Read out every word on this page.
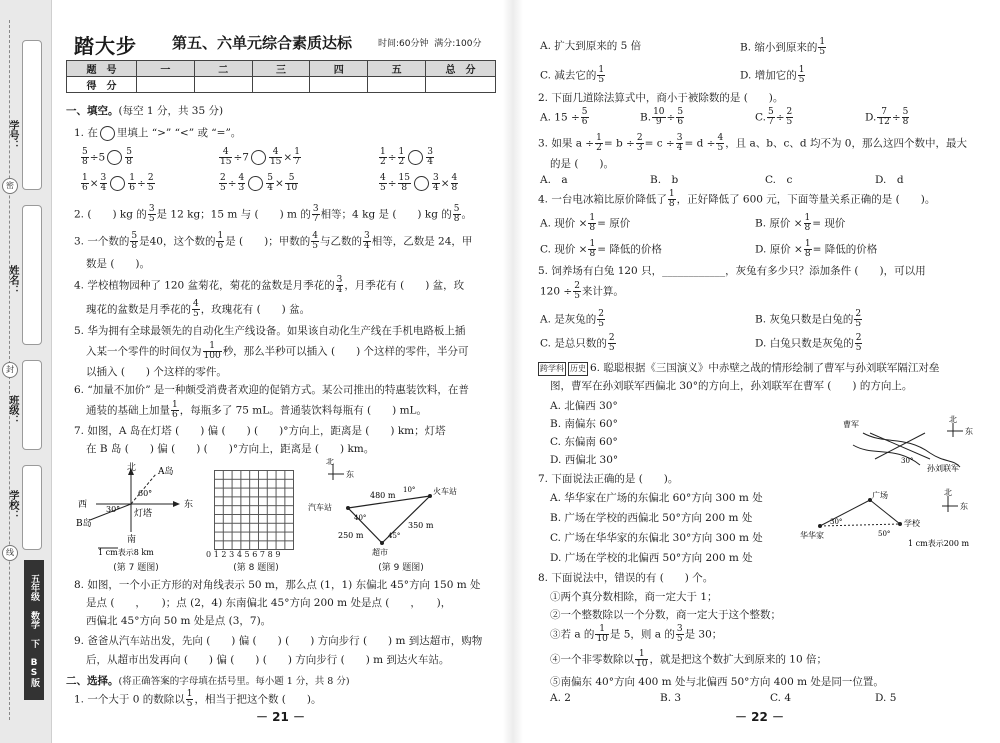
学号：
姓名：
班级：
学校：
密
封
线
五年级 数学 下 BS版
踏大步 第五、六单元综合素质达标	时间:60分钟 满分:100分
题　号	一	二	三	四	五	总　分
得　分						
一、填空。(每空 1 分，共 35 分)
1. 在 里填上 “>” “<” 或 “=”。
$\frac{5}{8} \div 5 \frac{5}{8}$	$\frac{4}{15} \div 7 \frac{4}{15} \times \frac{1}{7}$	$\frac{1}{2} \div \frac{1}{2} \frac{3}{4}$
$\frac{1}{6} \times \frac{3}{4} \frac{1}{6} \div \frac{2}{5}$	$\frac{2}{5} \div \frac{4}{3} \frac{5}{4} \times \frac{5}{10}$	$\frac{4}{5} \div \frac{15}{8} \frac{3}{4} \times \frac{4}{8}$
2. (　　) kg 的 $\frac{3}{5}$ 是 12 kg；15 m 与 (　　) m 的 $\frac{3}{7}$ 相等；4 kg 是 (　　) kg 的 $\frac{5}{8}$ 。
3. 一个数的 $\frac{5}{8}$ 是40，这个数的 $\frac{1}{6}$ 是 (　　)；甲数的 $\frac{4}{5}$ 与乙数的 $\frac{3}{4}$ 相等，乙数是 24，甲
数是 (　　)。
4. 学校植物园种了 120 盆菊花，菊花的盆数是月季花的 $\frac{3}{4}$ ，月季花有 (　　) 盆，玫
瑰花的盆数是月季花的 $\frac{4}{5}$ ，玫瑰花有 (　　) 盆。
5. 华为拥有全球最领先的自动化生产线设备。如果该自动化生产线在手机电路板上插
入某一个零件的时间仅为 $\frac{1}{100}$ 秒，那么半秒可以插入 (　　) 个这样的零件，半分可
以插入 (　　) 个这样的零件。
6. “加量不加价” 是一种颇受消费者欢迎的促销方式。某公司推出的特惠装饮料，在普
通装的基础上加量 $\frac{1}{6}$ ，每瓶多了 75 mL。普通装饮料每瓶有 (　　) mL。
7. 如图，A 岛在灯塔 (　　) 偏 (　　) (　　)°方向上，距离是 (　　) km；灯塔
在 B 岛 (　　) 偏 (　　) (　　)°方向上，距离是 (　　) km。
北
东
西
南
A岛
B岛
灯塔
60°
30°
1 cm表示8 km
(第 7 题图)
0123456789
(第 8 题图)
北
东
汽车站
火车站
超市
480 m
350 m
250 m
10°
40°
45°
(第 9 题图)
8. 如图，一个小正方形的对角线表示 50 m，那么点 (1，1) 东偏北 45°方向 150 m 处
是点 (　　，　　)；点 (2，4) 东南偏北 45°方向 200 m 处是点 (　　，　　)，
西偏北 45°方向 50 m 处是点 (3，7)。
9. 爸爸从汽车站出发，先向 (　　) 偏 (　　) (　　) 方向步行 (　　) m 到达超市，购物
后，从超市出发再向 (　　) 偏 (　　) (　　) 方向步行 (　　) m 到达火车站。
二、选择。(将正确答案的字母填在括号里。每小题 1 分，共 8 分)
1. 一个大于 0 的数除以 $\frac{1}{5}$ ，相当于把这个数 (　　)。
－ 21 －
A. 扩大到原来的 5 倍	B. 缩小到原来的 $\frac{1}{5}$
C. 减去它的 $\frac{1}{5}$	D. 增加它的 $\frac{1}{5}$
2. 下面几道除法算式中，商小于被除数的是 (　　)。
A. $15 \div \frac{5}{6}$	B. $\frac{10}{9} \div \frac{5}{6}$	C. $\frac{5}{7} \div \frac{2}{5}$	D. $\frac{7}{12} \div \frac{5}{8}$
3. 如果 $a \div \frac{1}{2} = b \div \frac{2}{3} = c \div \frac{3}{4} = d \div \frac{4}{5}$ ，且 a、b、c、d 均不为 0，那么这四个数中，最大
的是 (　　)。
A.　a	B.　b	C.　c	D.　d
4. 一台电冰箱比原价降低了 $\frac{1}{8}$ ，正好降低了 600 元，下面等量关系正确的是 (　　)。
A. 现价 × $\frac{1}{8}$ = 原价	B. 原价 × $\frac{1}{8}$ = 现价
C. 现价 × $\frac{1}{8}$ = 降低的价格	D. 原价 × $\frac{1}{8}$ = 降低的价格
5. 饲养场有白兔 120 只，____________，灰兔有多少只？添加条件 (　　)，可以用
$120 \div \frac{2}{5}$ 来计算。
A. 是灰兔的 $\frac{2}{5}$	B. 灰兔只数是白兔的 $\frac{2}{5}$
C. 是总只数的 $\frac{2}{5}$	D. 白兔只数是灰兔的 $\frac{2}{5}$
跨学科 历史 6. 聪聪根据《三国演义》中赤壁之战的情形绘制了曹军与孙刘联军隔江对垒
图，曹军在孙刘联军西偏北 30°的方向上，孙刘联军在曹军 (　　) 的方向上。
A. 北偏西 30°
B. 南偏东 60°
C. 东偏南 60°
D. 西偏北 30°
曹军
30°
孙刘联军
北
东
7. 下面说法正确的是 (　　)。
A. 华华家在广场的东偏北 60°方向 300 m 处
B. 广场在学校的西偏北 50°方向 200 m 处
C. 广场在华华家的东偏北 30°方向 300 m 处
D. 广场在学校的北偏西 50°方向 200 m 处
广场
华华家
学校
30°
50°
北
东
1 cm表示200 m
8. 下面说法中，错误的有 (　　) 个。
①两个真分数相除，商一定大于 1；
②一个整数除以一个分数，商一定大于这个整数；
③若 a 的 $\frac{1}{10}$ 是 5，则 a 的 $\frac{3}{5}$ 是 30；
④一个非零数除以 $\frac{1}{10}$ ，就是把这个数扩大到原来的 10 倍；
⑤南偏东 40°方向 400 m 处与北偏西 50°方向 400 m 处是同一位置。
A. 2	B. 3	C. 4	D. 5
－ 22 －
